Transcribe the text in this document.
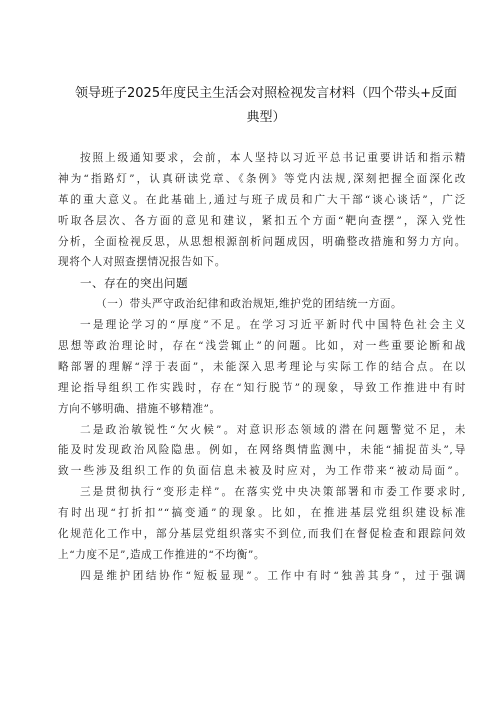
领导班子2025年度民主生活会对照检视发言材料（四个带头+反面
典型）
按照上级通知要求，会前，本人坚持以习近平总书记重要讲话和指示精
神为“指路灯”，认真研读党章、《条例》等党内法规,深刻把握全面深化改
革的重大意义。在此基础上,通过与班子成员和广大干部“谈心谈话”，广泛
听取各层次、各方面的意见和建议，紧扣五个方面“靶向查摆”，深入党性
分析，全面检视反思，从思想根源剖析问题成因，明确整改措施和努力方向。
现将个人对照查摆情况报告如下。
一、存在的突出问题
（一）带头严守政治纪律和政治规矩,维护党的团结统一方面。
一是理论学习的“厚度”不足。在学习习近平新时代中国特色社会主义
思想等政治理论时，存在“浅尝辄止”的问题。比如，对一些重要论断和战
略部署的理解“浮于表面”，未能深入思考理论与实际工作的结合点。在以
理论指导组织工作实践时，存在“知行脱节”的现象，导致工作推进中有时
方向不够明确、措施不够精准”。
二是政治敏锐性“欠火候”。对意识形态领域的潜在问题警觉不足，未
能及时发现政治风险隐患。例如，在网络舆情监测中，未能“捕捉苗头”,导
致一些涉及组织工作的负面信息未被及时应对，为工作带来“被动局面”。
三是贯彻执行“变形走样”。在落实党中央决策部署和市委工作要求时,
有时出现“打折扣”“搞变通”的现象。比如，在推进基层党组织建设标准
化规范化工作中，部分基层党组织落实不到位,而我们在督促检查和跟踪问效
上“力度不足”,造成工作推进的“不均衡”。
四是维护团结协作“短板显现”。工作中有时“独善其身”，过于强调
